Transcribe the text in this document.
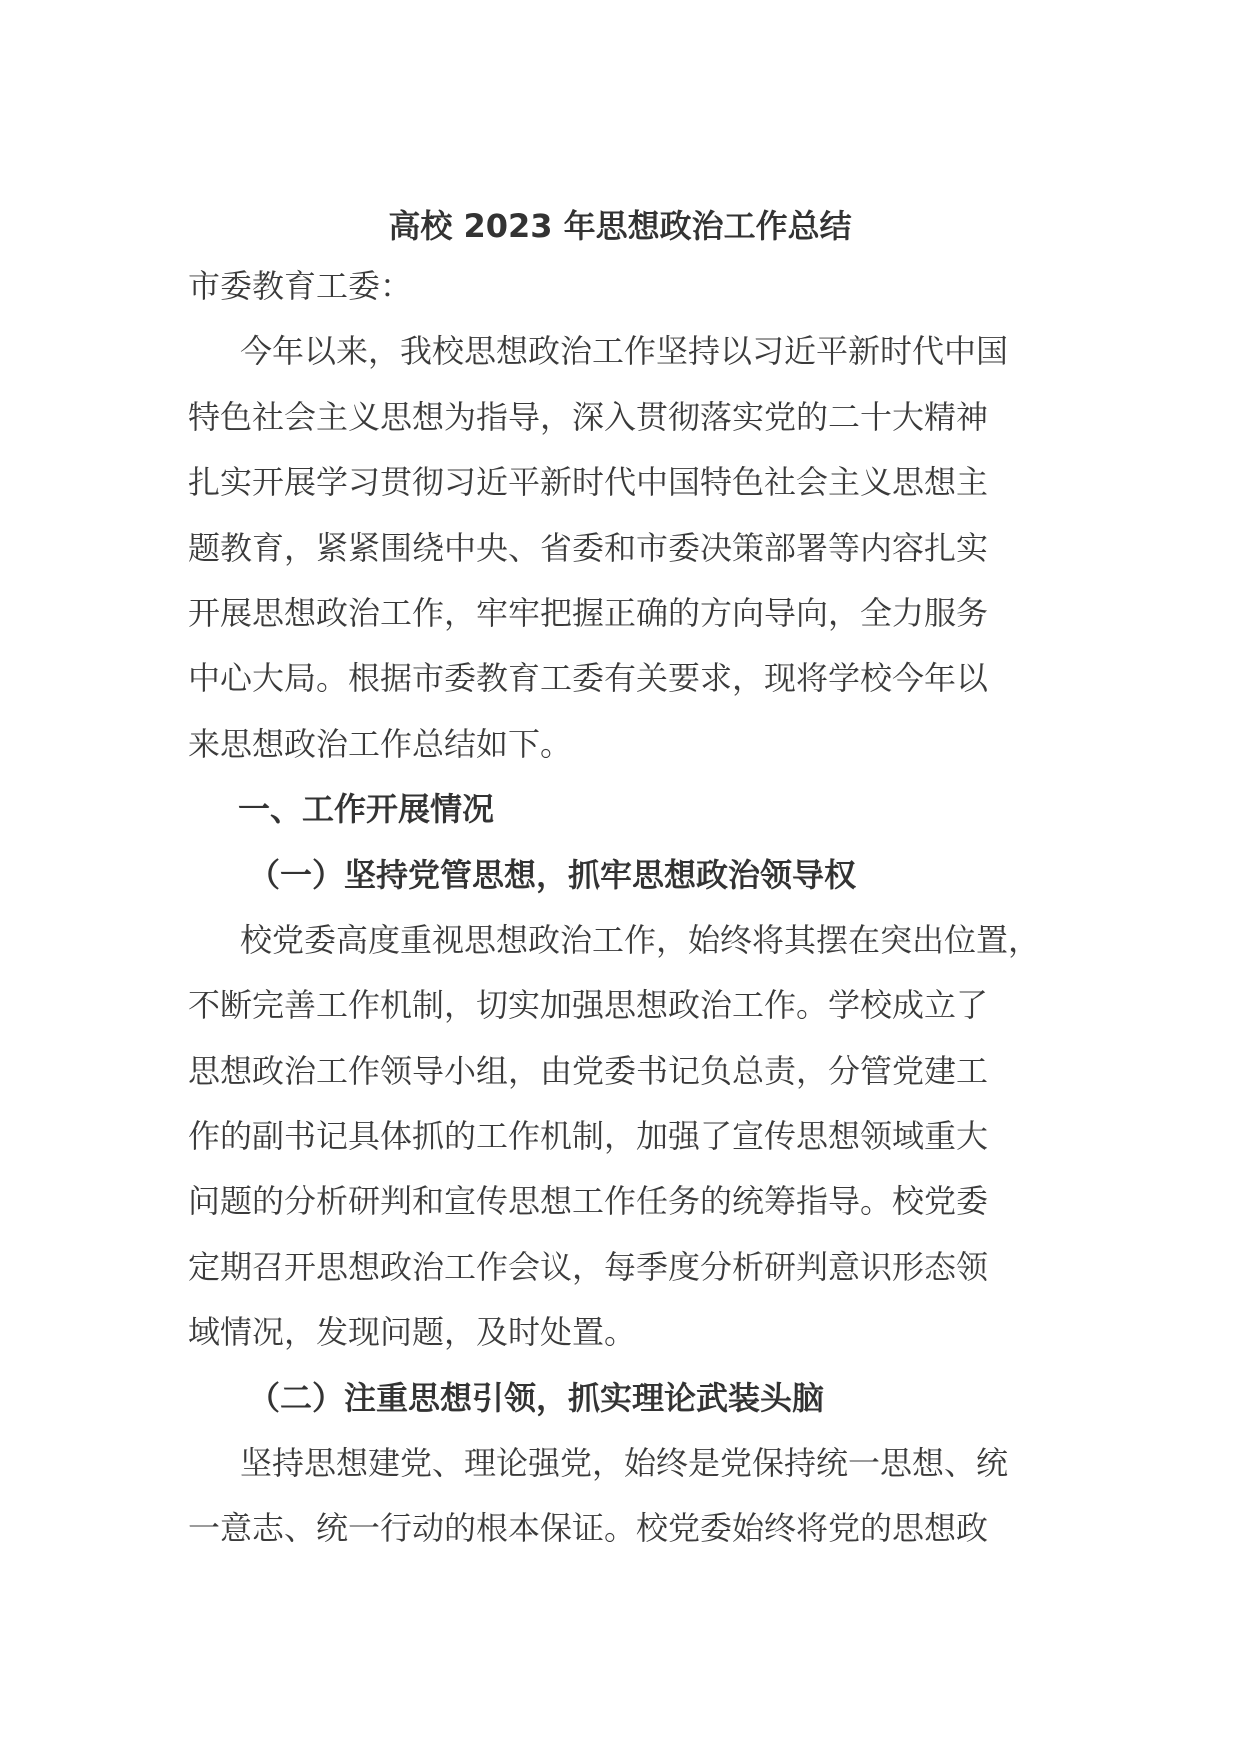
高校 2023 年思想政治工作总结
市委教育工委：
今年以来，我校思想政治工作坚持以习近平新时代中国
特色社会主义思想为指导，深入贯彻落实党的二十大精神
扎实开展学习贯彻习近平新时代中国特色社会主义思想主
题教育，紧紧围绕中央、省委和市委决策部署等内容扎实
开展思想政治工作，牢牢把握正确的方向导向，全力服务
中心大局。根据市委教育工委有关要求，现将学校今年以
来思想政治工作总结如下。
一、工作开展情况
（一）坚持党管思想，抓牢思想政治领导权
校党委高度重视思想政治工作，始终将其摆在突出位置，
不断完善工作机制，切实加强思想政治工作。学校成立了
思想政治工作领导小组，由党委书记负总责，分管党建工
作的副书记具体抓的工作机制，加强了宣传思想领域重大
问题的分析研判和宣传思想工作任务的统筹指导。校党委
定期召开思想政治工作会议，每季度分析研判意识形态领
域情况，发现问题，及时处置。
（二）注重思想引领，抓实理论武装头脑
坚持思想建党、理论强党，始终是党保持统一思想、统
一意志、统一行动的根本保证。校党委始终将党的思想政
